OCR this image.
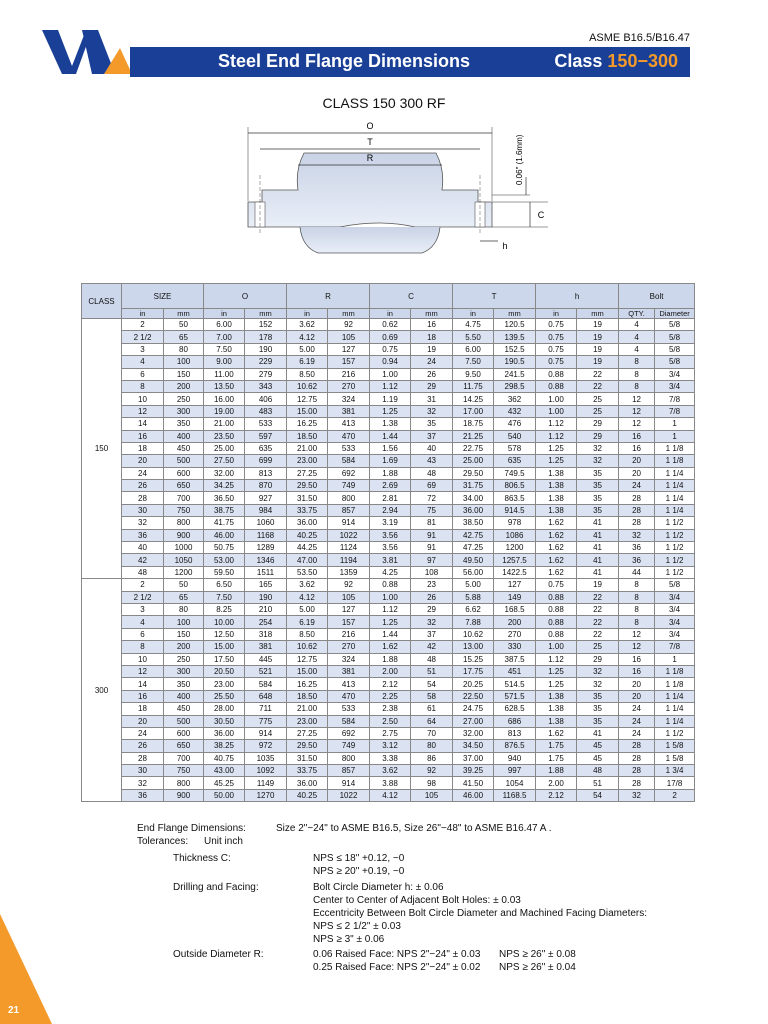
ASME B16.5/B16.47
Steel End Flange Dimensions	Class 150−300
CLASS 150 300 RF
O
T
R
C
0.06" (1.6mm)
h
CLASS	SIZE		O		R		C		T		h		Bolt	
	in	mm	in	mm	in	mm	in	mm	in	mm	in	mm	QTY.	Diameter
150	2	50	6.00	152	3.62	92	0.62	16	4.75	120.5	0.75	19	4	5/8
	2 1/2	65	7.00	178	4.12	105	0.69	18	5.50	139.5	0.75	19	4	5/8
	3	80	7.50	190	5.00	127	0.75	19	6.00	152.5	0.75	19	4	5/8
	4	100	9.00	229	6.19	157	0.94	24	7.50	190.5	0.75	19	8	5/8
	6	150	11.00	279	8.50	216	1.00	26	9.50	241.5	0.88	22	8	3/4
	8	200	13.50	343	10.62	270	1.12	29	11.75	298.5	0.88	22	8	3/4
	10	250	16.00	406	12.75	324	1.19	31	14.25	362	1.00	25	12	7/8
	12	300	19.00	483	15.00	381	1.25	32	17.00	432	1.00	25	12	7/8
	14	350	21.00	533	16.25	413	1.38	35	18.75	476	1.12	29	12	1
	16	400	23.50	597	18.50	470	1.44	37	21.25	540	1.12	29	16	1
	18	450	25.00	635	21.00	533	1.56	40	22.75	578	1.25	32	16	1 1/8
	20	500	27.50	699	23.00	584	1.69	43	25.00	635	1.25	32	20	1 1/8
	24	600	32.00	813	27.25	692	1.88	48	29.50	749.5	1.38	35	20	1 1/4
	26	650	34.25	870	29.50	749	2.69	69	31.75	806.5	1.38	35	24	1 1/4
	28	700	36.50	927	31.50	800	2.81	72	34.00	863.5	1.38	35	28	1 1/4
	30	750	38.75	984	33.75	857	2.94	75	36.00	914.5	1.38	35	28	1 1/4
	32	800	41.75	1060	36.00	914	3.19	81	38.50	978	1.62	41	28	1 1/2
	36	900	46.00	1168	40.25	1022	3.56	91	42.75	1086	1.62	41	32	1 1/2
	40	1000	50.75	1289	44.25	1124	3.56	91	47.25	1200	1.62	41	36	1 1/2
	42	1050	53.00	1346	47.00	1194	3.81	97	49.50	1257.5	1.62	41	36	1 1/2
	48	1200	59.50	1511	53.50	1359	4.25	108	56.00	1422.5	1.62	41	44	1 1/2
300	2	50	6.50	165	3.62	92	0.88	23	5.00	127	0.75	19	8	5/8
	2 1/2	65	7.50	190	4.12	105	1.00	26	5.88	149	0.88	22	8	3/4
	3	80	8.25	210	5.00	127	1.12	29	6.62	168.5	0.88	22	8	3/4
	4	100	10.00	254	6.19	157	1.25	32	7.88	200	0.88	22	8	3/4
	6	150	12.50	318	8.50	216	1.44	37	10.62	270	0.88	22	12	3/4
	8	200	15.00	381	10.62	270	1.62	42	13.00	330	1.00	25	12	7/8
	10	250	17.50	445	12.75	324	1.88	48	15.25	387.5	1.12	29	16	1
	12	300	20.50	521	15.00	381	2.00	51	17.75	451	1.25	32	16	1 1/8
	14	350	23.00	584	16.25	413	2.12	54	20.25	514.5	1.25	32	20	1 1/8
	16	400	25.50	648	18.50	470	2.25	58	22.50	571.5	1.38	35	20	1 1/4
	18	450	28.00	711	21.00	533	2.38	61	24.75	628.5	1.38	35	24	1 1/4
	20	500	30.50	775	23.00	584	2.50	64	27.00	686	1.38	35	24	1 1/4
	24	600	36.00	914	27.25	692	2.75	70	32.00	813	1.62	41	24	1 1/2
	26	650	38.25	972	29.50	749	3.12	80	34.50	876.5	1.75	45	28	1 5/8
	28	700	40.75	1035	31.50	800	3.38	86	37.00	940	1.75	45	28	1 5/8
	30	750	43.00	1092	33.75	857	3.62	92	39.25	997	1.88	48	28	1 3/4
	32	800	45.25	1149	36.00	914	3.88	98	41.50	1054	2.00	51	28	17/8
	36	900	50.00	1270	40.25	1022	4.12	105	46.00	1168.5	2.12	54	32	2
End Flange Dimensions:	Size 2"−24" to ASME B16.5, Size 26"−48" to ASME B16.47 A .
Tolerances: Unit inch
Thickness C:	NPS ≤ 18" +0.12, −0
NPS ≥ 20" +0.19, −0
Drilling and Facing:	Bolt Circle Diameter h: ± 0.06
Center to Center of Adjacent Bolt Holes: ± 0.03
Eccentricity Between Bolt Circle Diameter and Machined Facing Diameters:
NPS ≤ 2 1/2" ± 0.03
NPS ≥ 3" ± 0.06
Outside Diameter R:	0.06 Raised Face: NPS 2"−24" ± 0.03 NPS ≥ 26" ± 0.08
0.25 Raised Face: NPS 2"−24" ± 0.02 NPS ≥ 26" ± 0.04
21
